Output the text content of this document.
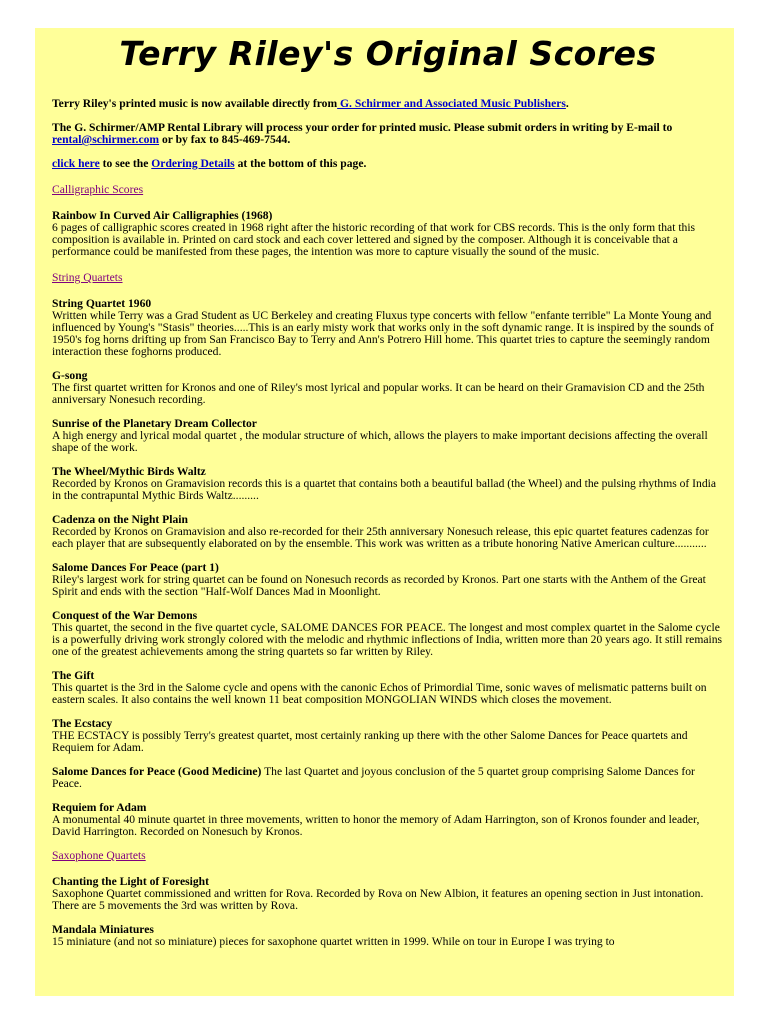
Terry Riley's Original Scores

Terry Riley's printed music is now available directly from G. Schirmer and Associated Music Publishers.

The G. Schirmer/AMP Rental Library will process your order for printed music. Please submit orders in writing by E-mail to rental@schirmer.com or by fax to 845-469-7544.

click here to see the Ordering Details at the bottom of this page.

Calligraphic Scores

Rainbow In Curved Air Calligraphies (1968)
6 pages of calligraphic scores created in 1968 right after the historic recording of that work for CBS records. This is the only form that this composition is available in. Printed on card stock and each cover lettered and signed by the composer. Although it is conceivable that a performance could be manifested from these pages, the intention was more to capture visually the sound of the music.

String Quartets

String Quartet 1960
Written while Terry was a Grad Student as UC Berkeley and creating Fluxus type concerts with fellow "enfante terrible" La Monte Young and influenced by Young's "Stasis" theories.....This is an early misty work that works only in the soft dynamic range. It is inspired by the sounds of 1950's fog horns drifting up from San Francisco Bay to Terry and Ann's Potrero Hill home. This quartet tries to capture the seemingly random interaction these foghorns produced.

G-song
The first quartet written for Kronos and one of Riley's most lyrical and popular works. It can be heard on their Gramavision CD and the 25th anniversary Nonesuch recording.

Sunrise of the Planetary Dream Collector
A high energy and lyrical modal quartet , the modular structure of which, allows the players to make important decisions affecting the overall shape of the work.

The Wheel/Mythic Birds Waltz
Recorded by Kronos on Gramavision records this is a quartet that contains both a beautiful ballad (the Wheel) and the pulsing rhythms of India in the contrapuntal Mythic Birds Waltz.........

Cadenza on the Night Plain
Recorded by Kronos on Gramavision and also re-recorded for their 25th anniversary Nonesuch release, this epic quartet features cadenzas for each player that are subsequently elaborated on by the ensemble. This work was written as a tribute honoring Native American culture...........

Salome Dances For Peace (part 1)
Riley's largest work for string quartet can be found on Nonesuch records as recorded by Kronos. Part one starts with the Anthem of the Great Spirit and ends with the section "Half-Wolf Dances Mad in Moonlight.

Conquest of the War Demons
This quartet, the second in the five quartet cycle, SALOME DANCES FOR PEACE. The longest and most complex quartet in the Salome cycle is a powerfully driving work strongly colored with the melodic and rhythmic inflections of India, written more than 20 years ago. It still remains one of the greatest achievements among the string quartets so far written by Riley.

The Gift
This quartet is the 3rd in the Salome cycle and opens with the canonic Echos of Primordial Time, sonic waves of melismatic patterns built on eastern scales. It also contains the well known 11 beat composition MONGOLIAN WINDS which closes the movement.

The Ecstacy
THE ECSTACY is possibly Terry's greatest quartet, most certainly ranking up there with the other Salome Dances for Peace quartets and Requiem for Adam.

Salome Dances for Peace (Good Medicine) The last Quartet and joyous conclusion of the 5 quartet group comprising Salome Dances for Peace.

Requiem for Adam
A monumental 40 minute quartet in three movements, written to honor the memory of Adam Harrington, son of Kronos founder and leader, David Harrington. Recorded on Nonesuch by Kronos.

Saxophone Quartets

Chanting the Light of Foresight
Saxophone Quartet commissioned and written for Rova. Recorded by Rova on New Albion, it features an opening section in Just intonation. There are 5 movements the 3rd was written by Rova.

Mandala Miniatures
15 miniature (and not so miniature) pieces for saxophone quartet written in 1999. While on tour in Europe I was trying to
